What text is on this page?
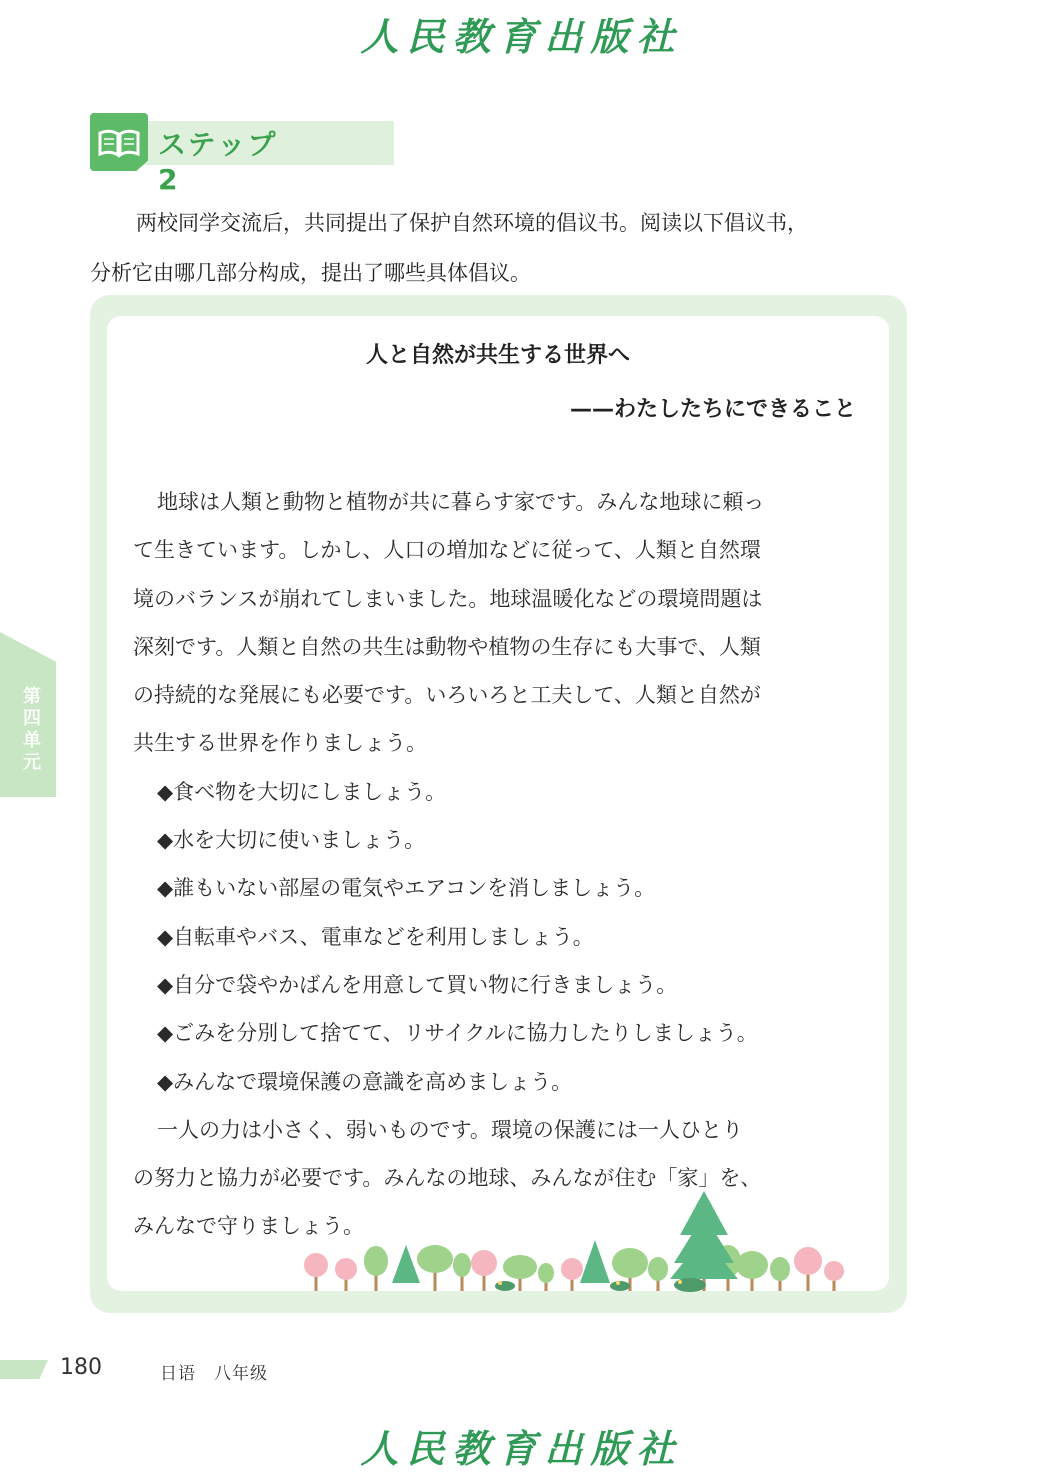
人民教育出版社
ステップ 2

两校同学交流后，共同提出了保护自然环境的倡议书。阅读以下倡议书，

分析它由哪几部分构成，提出了哪些具体倡议。

人と自然が共生する世界へ
——わたしたちにできること

地球は人類と動物と植物が共に暮らす家です。みんな地球に頼っ

て生きています。しかし、人口の増加などに従って、人類と自然環

境のバランスが崩れてしまいました。地球温暖化などの環境問題は

深刻です。人類と自然の共生は動物や植物の生存にも大事で、人類

の持続的な発展にも必要です。いろいろと工夫して、人類と自然が

共生する世界を作りましょう。

◆食べ物を大切にしましょう。

◆水を大切に使いましょう。

◆誰もいない部屋の電気やエアコンを消しましょう。

◆自転車やバス、電車などを利用しましょう。

◆自分で袋やかばんを用意して買い物に行きましょう。

◆ごみを分別して捨てて、リサイクルに協力したりしましょう。

◆みんなで環境保護の意識を高めましょう。

一人の力は小さく、弱いものです。環境の保護には一人ひとり

の努力と協力が必要です。みんなの地球、みんなが住む「家」を、

みんなで守りましょう。

第四单元
180	日语　八年级
人民教育出版社
